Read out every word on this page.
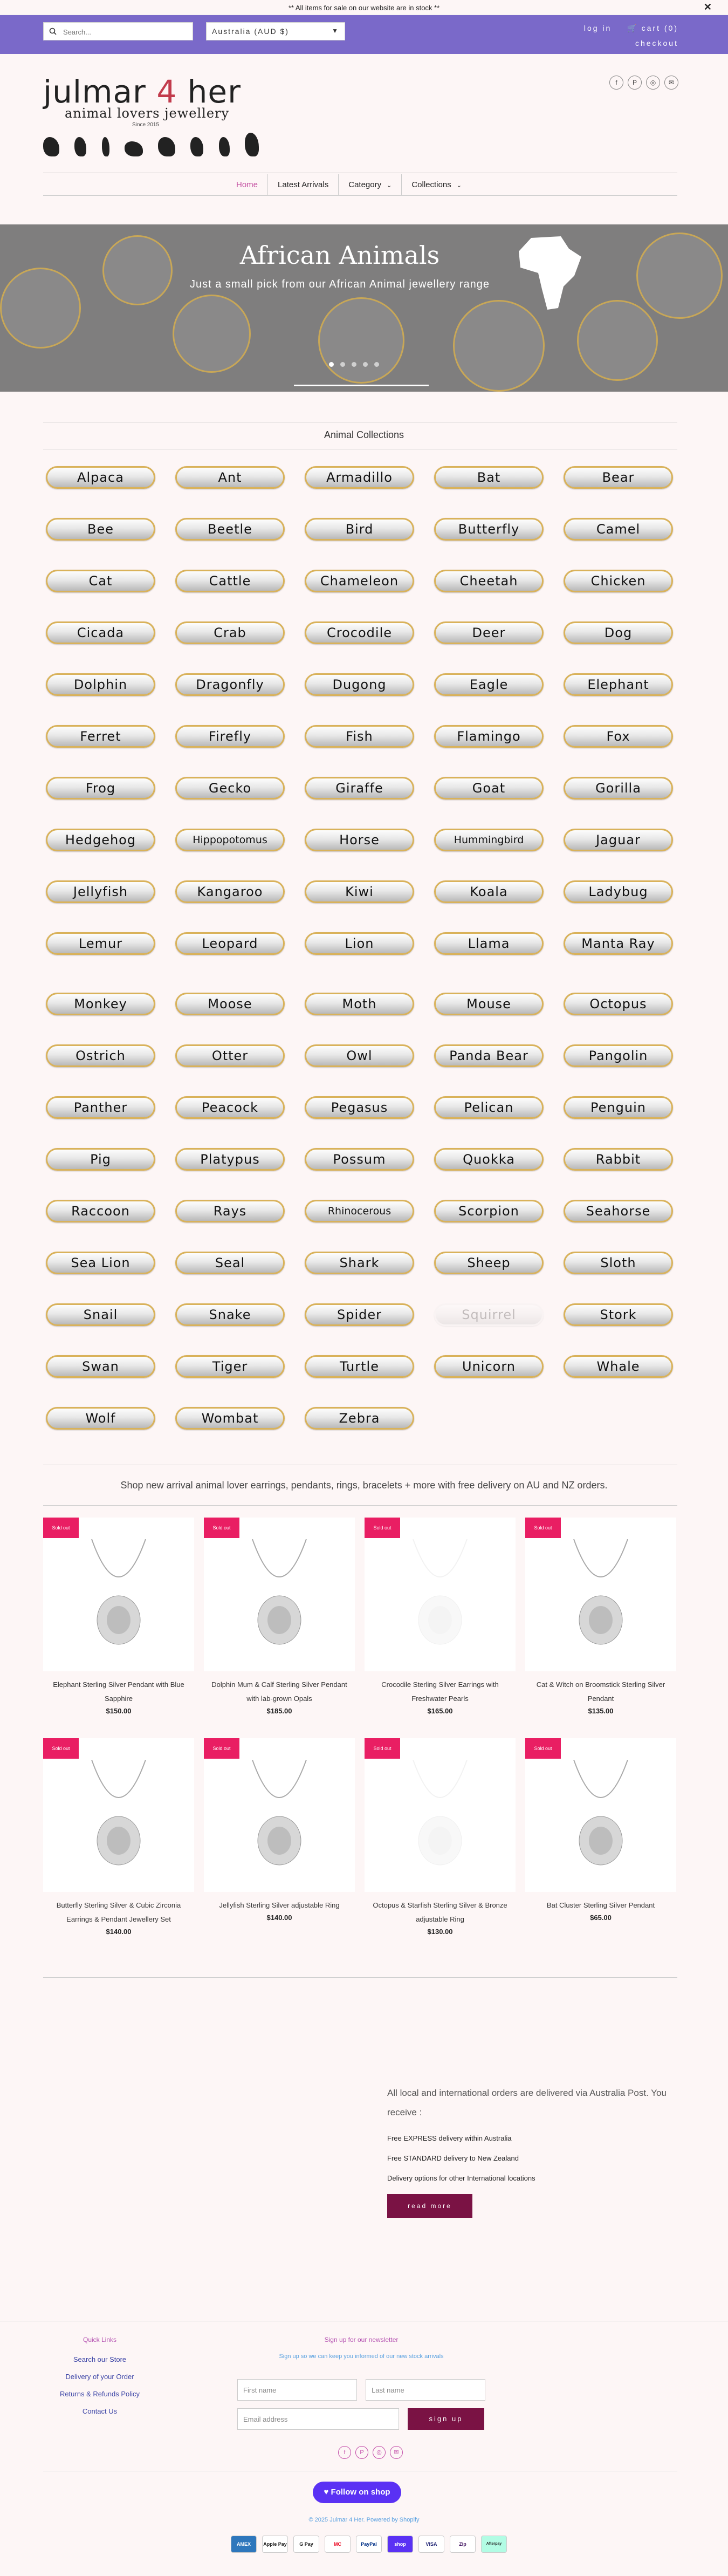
** All items for sale on our website are in stock **	✕
Search...
Australia (AUD $)	▼	log in 🛒 cart (0)
checkout
julmar 4 her
animal lovers jewellery
Since 2015
f	P	◎	✉
Home	Latest Arrivals	Category ⌄	Collections ⌄
African Animals
Just a small pick from our African Animal jewellery range
Animal Collections
Alpaca	Ant	Armadillo	Bat	Bear
Bee	Beetle	Bird	Butterfly	Camel
Cat	Cattle	Chameleon	Cheetah	Chicken
Cicada	Crab	Crocodile	Deer	Dog
Dolphin	Dragonfly	Dugong	Eagle	Elephant
Ferret	Firefly	Fish	Flamingo	Fox
Frog	Gecko	Giraffe	Goat	Gorilla
Hedgehog	Hippopotomus	Horse	Hummingbird	Jaguar
Jellyfish	Kangaroo	Kiwi	Koala	Ladybug
Lemur	Leopard	Lion	Llama	Manta Ray
Monkey	Moose	Moth	Mouse	Octopus
Ostrich	Otter	Owl	Panda Bear	Pangolin
Panther	Peacock	Pegasus	Pelican	Penguin
Pig	Platypus	Possum	Quokka	Rabbit
Raccoon	Rays	Rhinocerous	Scorpion	Seahorse
Sea Lion	Seal	Shark	Sheep	Sloth
Snail	Snake	Spider	Squirrel	Stork
Swan	Tiger	Turtle	Unicorn	Whale
Wolf	Wombat	Zebra
Shop new arrival animal lover earrings, pendants, rings, bracelets + more with free delivery on AU and NZ orders.
Sold out
Elephant Sterling Silver Pendant with Blue Sapphire
$150.00
Sold out
Dolphin Mum & Calf Sterling Silver Pendant with lab-grown Opals
$185.00
Sold out
Crocodile Sterling Silver Earrings with Freshwater Pearls
$165.00
Sold out
Cat & Witch on Broomstick Sterling Silver Pendant
$135.00
Sold out
Butterfly Sterling Silver & Cubic Zirconia Earrings & Pendant Jewellery Set
$140.00
Sold out
Jellyfish Sterling Silver adjustable Ring
$140.00
Sold out
Octopus & Starfish Sterling Silver & Bronze adjustable Ring
$130.00
Sold out
Bat Cluster Sterling Silver Pendant
$65.00
All local and international orders are delivered via Australia Post. You receive :
Free EXPRESS delivery within Australia
Free STANDARD delivery to New Zealand
Delivery options for other International locations
read more
Quick Links
Search our Store
Delivery of your Order
Returns & Refunds Policy
Contact Us
Sign up for our newsletter
Sign up so we can keep you informed of our new stock arrivals
First name	Last name
Email address	sign up
f	P	◎	✉
♥ Follow on shop
© 2025 Julmar 4 Her. Powered by Shopify
AMEX	Apple Pay	G Pay	MC	PayPal	shop	VISA	Zip	Afterpay
